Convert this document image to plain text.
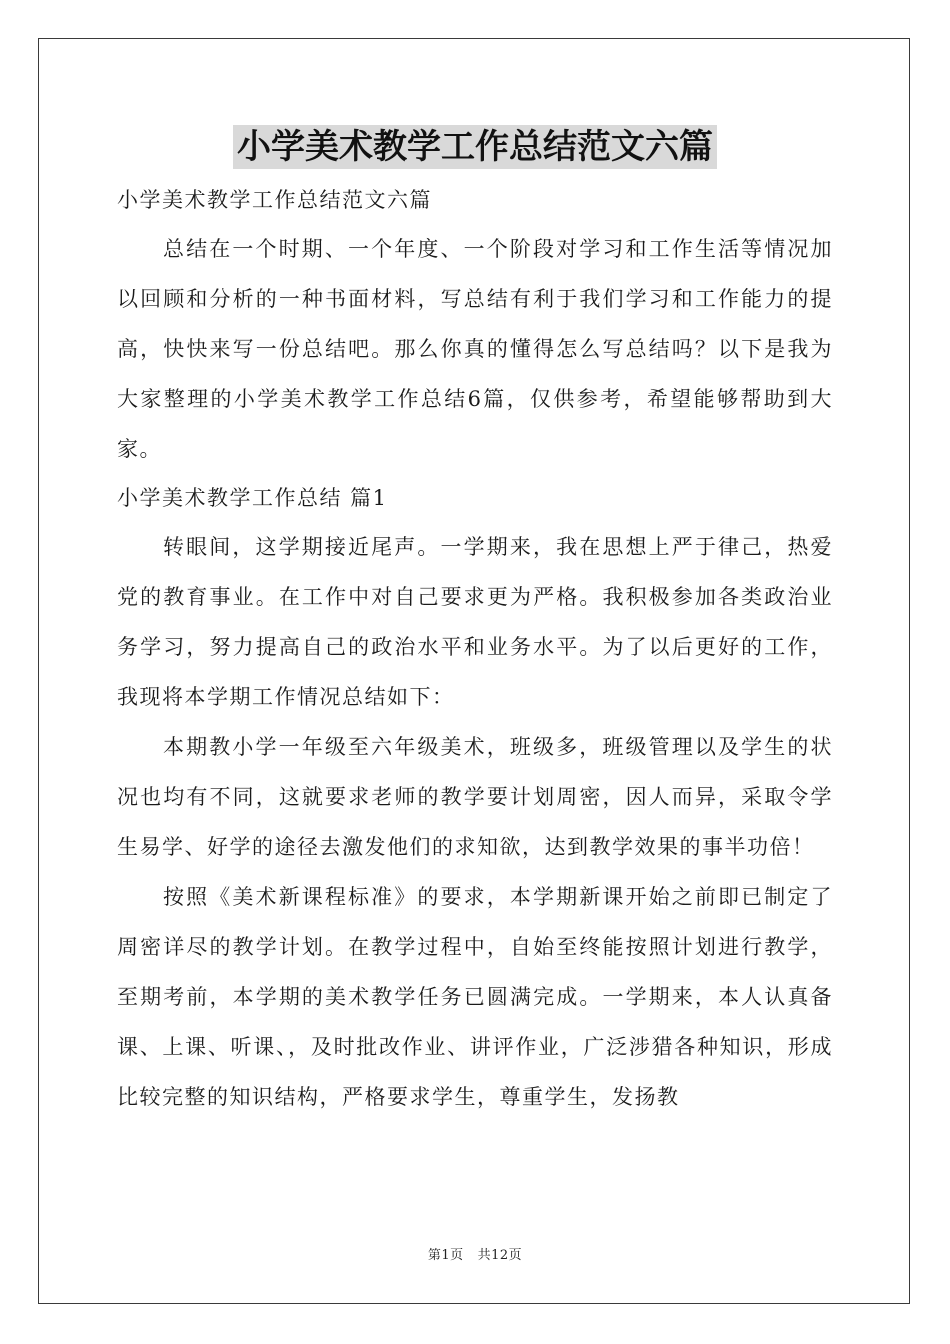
小学美术教学工作总结范文六篇

小学美术教学工作总结范文六篇

总结在一个时期、一个年度、一个阶段对学习和工作生活等情况加以回顾和分析的一种书面材料，写总结有利于我们学习和工作能力的提高，快快来写一份总结吧。那么你真的懂得怎么写总结吗？以下是我为大家整理的小学美术教学工作总结6篇，仅供参考，希望能够帮助到大家。

小学美术教学工作总结 篇1

转眼间，这学期接近尾声。一学期来，我在思想上严于律己，热爱党的教育事业。在工作中对自己要求更为严格。我积极参加各类政治业务学习，努力提高自己的政治水平和业务水平。为了以后更好的工作，我现将本学期工作情况总结如下：

本期教小学一年级至六年级美术，班级多，班级管理以及学生的状况也均有不同，这就要求老师的教学要计划周密，因人而异，采取令学生易学、好学的途径去激发他们的求知欲，达到教学效果的事半功倍！

按照《美术新课程标准》的要求，本学期新课开始之前即已制定了周密详尽的教学计划。在教学过程中，自始至终能按照计划进行教学，至期考前，本学期的美术教学任务已圆满完成。一学期来，本人认真备课、上课、听课、，及时批改作业、讲评作业，广泛涉猎各种知识，形成比较完整的知识结构，严格要求学生，尊重学生，发扬教

第1页 共12页
